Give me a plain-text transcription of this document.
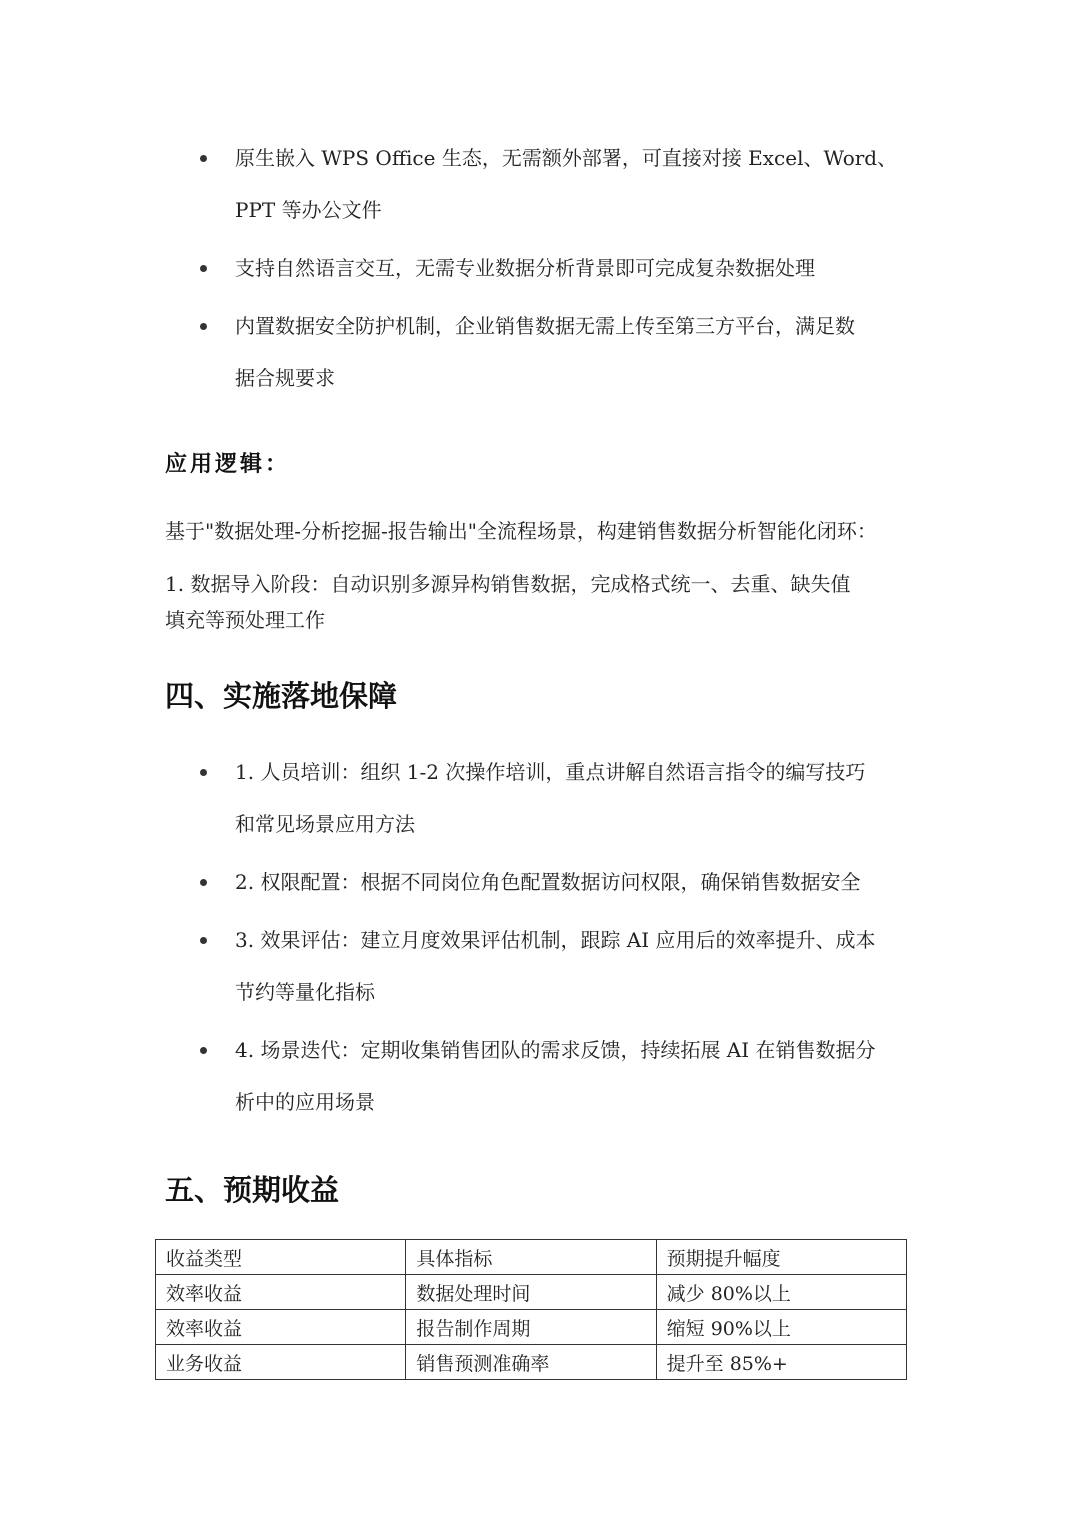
原生嵌入 WPS Office 生态，无需额外部署，可直接对接 Excel、Word、
PPT 等办公文件
支持自然语言交互，无需专业数据分析背景即可完成复杂数据处理
内置数据安全防护机制，企业销售数据无需上传至第三方平台，满足数
据合规要求
应用逻辑：

基于"数据处理-分析挖掘-报告输出"全流程场景，构建销售数据分析智能化闭环：

1. 数据导入阶段：自动识别多源异构销售数据，完成格式统一、去重、缺失值
填充等预处理工作

四、实施落地保障
1. 人员培训：组织 1-2 次操作培训，重点讲解自然语言指令的编写技巧
和常见场景应用方法
2. 权限配置：根据不同岗位角色配置数据访问权限，确保销售数据安全
3. 效果评估：建立月度效果评估机制，跟踪 AI 应用后的效率提升、成本
节约等量化指标
4. 场景迭代：定期收集销售团队的需求反馈，持续拓展 AI 在销售数据分
析中的应用场景
五、预期收益
收益类型	具体指标	预期提升幅度
效率收益	数据处理时间	减少 80%以上
效率收益	报告制作周期	缩短 90%以上
业务收益	销售预测准确率	提升至 85%+
